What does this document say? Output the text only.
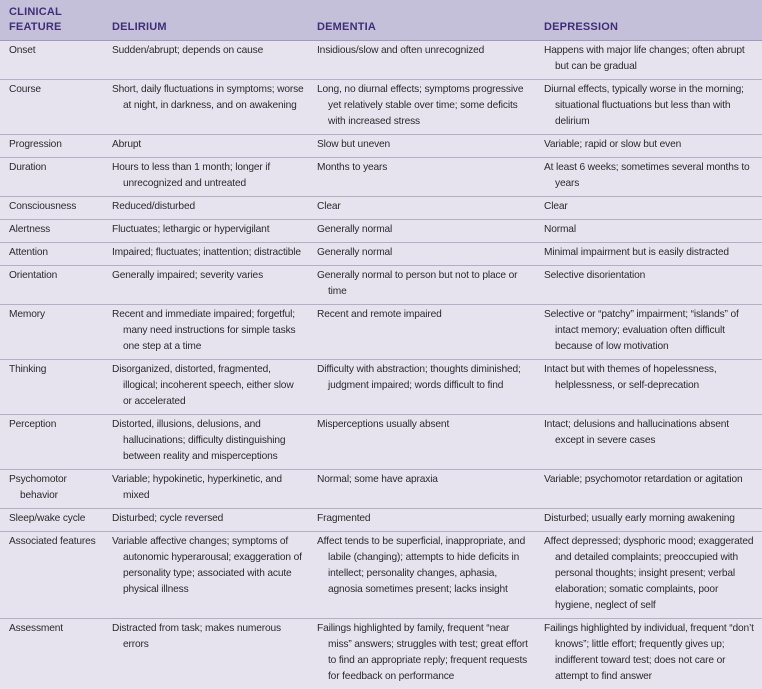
CLINICAL FEATURE	DELIRIUM	DEMENTIA	DEPRESSION

Onset	Sudden/abrupt; depends on cause	Insidious/slow and often unrecognized	Happens with major life changes; often abrupt but can be gradual

Course	Short, daily fluctuations in symptoms; worse at night, in darkness, and on awakening	Long, no diurnal effects; symptoms progressive yet relatively stable over time; some deficits with increased stress	Diurnal effects, typically worse in the morning; situational fluctuations but less than with delirium

Progression	Abrupt	Slow but uneven	Variable; rapid or slow but even

Duration	Hours to less than 1 month; longer if unrecognized and untreated	Months to years	At least 6 weeks; sometimes several months to years

Consciousness	Reduced/disturbed	Clear	Clear

Alertness	Fluctuates; lethargic or hypervigilant	Generally normal	Normal

Attention	Impaired; fluctuates; inattention; distractible	Generally normal	Minimal impairment but is easily distracted

Orientation	Generally impaired; severity varies	Generally normal to person but not to place or time	Selective disorientation

Memory	Recent and immediate impaired; forgetful; many need instructions for simple tasks one step at a time	Recent and remote impaired	Selective or “patchy” impairment; “islands” of intact memory; evaluation often difficult because of low motivation

Thinking	Disorganized, distorted, fragmented, illogical; incoherent speech, either slow or accelerated	Difficulty with abstraction; thoughts diminished; judgment impaired; words difficult to find	Intact but with themes of hopelessness, helplessness, or self-deprecation

Perception	Distorted, illusions, delusions, and hallucinations; difficulty distinguishing between reality and misperceptions	Misperceptions usually absent	Intact; delusions and hallucinations absent except in severe cases

Psychomotor behavior	Variable; hypokinetic, hyperkinetic, and mixed	Normal; some have apraxia	Variable; psychomotor retardation or agitation

Sleep/wake cycle	Disturbed; cycle reversed	Fragmented	Disturbed; usually early morning awakening

Associated features	Variable affective changes; symptoms of autonomic hyperarousal; exaggeration of personality type; associated with acute physical illness	Affect tends to be superficial, inappropriate, and labile (changing); attempts to hide deficits in intellect; personality changes, aphasia, agnosia sometimes present; lacks insight	Affect depressed; dysphoric mood; exaggerated and detailed complaints; preoccupied with personal thoughts; insight present; verbal elaboration; somatic complaints, poor hygiene, neglect of self

Assessment	Distracted from task; makes numerous errors	Failings highlighted by family, frequent “near miss” answers; struggles with test; great effort to find an appropriate reply; frequent requests for feedback on performance	Failings highlighted by individual, frequent “don’t knows”; little effort; frequently gives up; indifferent toward test; does not care or attempt to find answer
